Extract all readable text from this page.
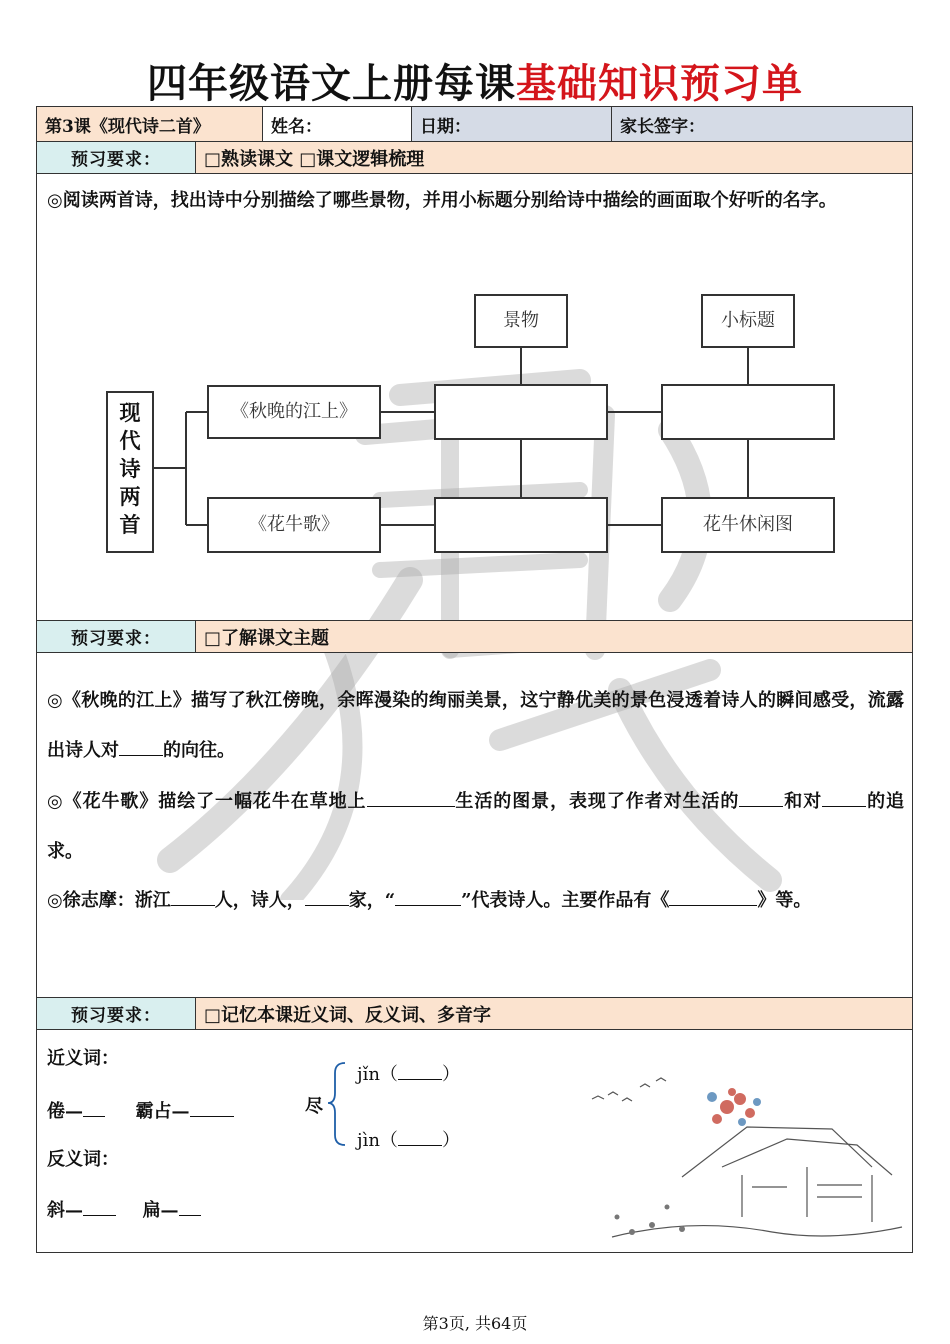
四年级语文上册每课基础知识预习单
第3课《现代诗二首》	姓名：	日期：	家长签字：
预习要求：	□熟读课文 □课文逻辑梳理
◎阅读两首诗，找出诗中分别描绘了哪些景物，并用小标题分别给诗中描绘的画面取个好听的名字。
现
代
诗
两
首
《秋晚的江上》
《花牛歌》
景物	小标题
花牛休闲图
预习要求：	□了解课文主题
◎《秋晚的江上》描写了秋江傍晚，余晖漫染的绚丽美景，这宁静优美的景色浸透着诗人的瞬间感受，流露出诗人对 的向往。
◎《花牛歌》描绘了一幅花牛在草地上	生活的图景，表现了作者对生活的 和对 的追求。
◎徐志摩：浙江 人，诗人， 家，“	”代表诗人。主要作品有《	》等。
预习要求：	□记忆本课近义词、反义词、多音字
近义词：
倦—	霸占—
反义词：
斜—	扁—
尽
jǐn（ ）
jìn（ ）
第3页, 共64页
